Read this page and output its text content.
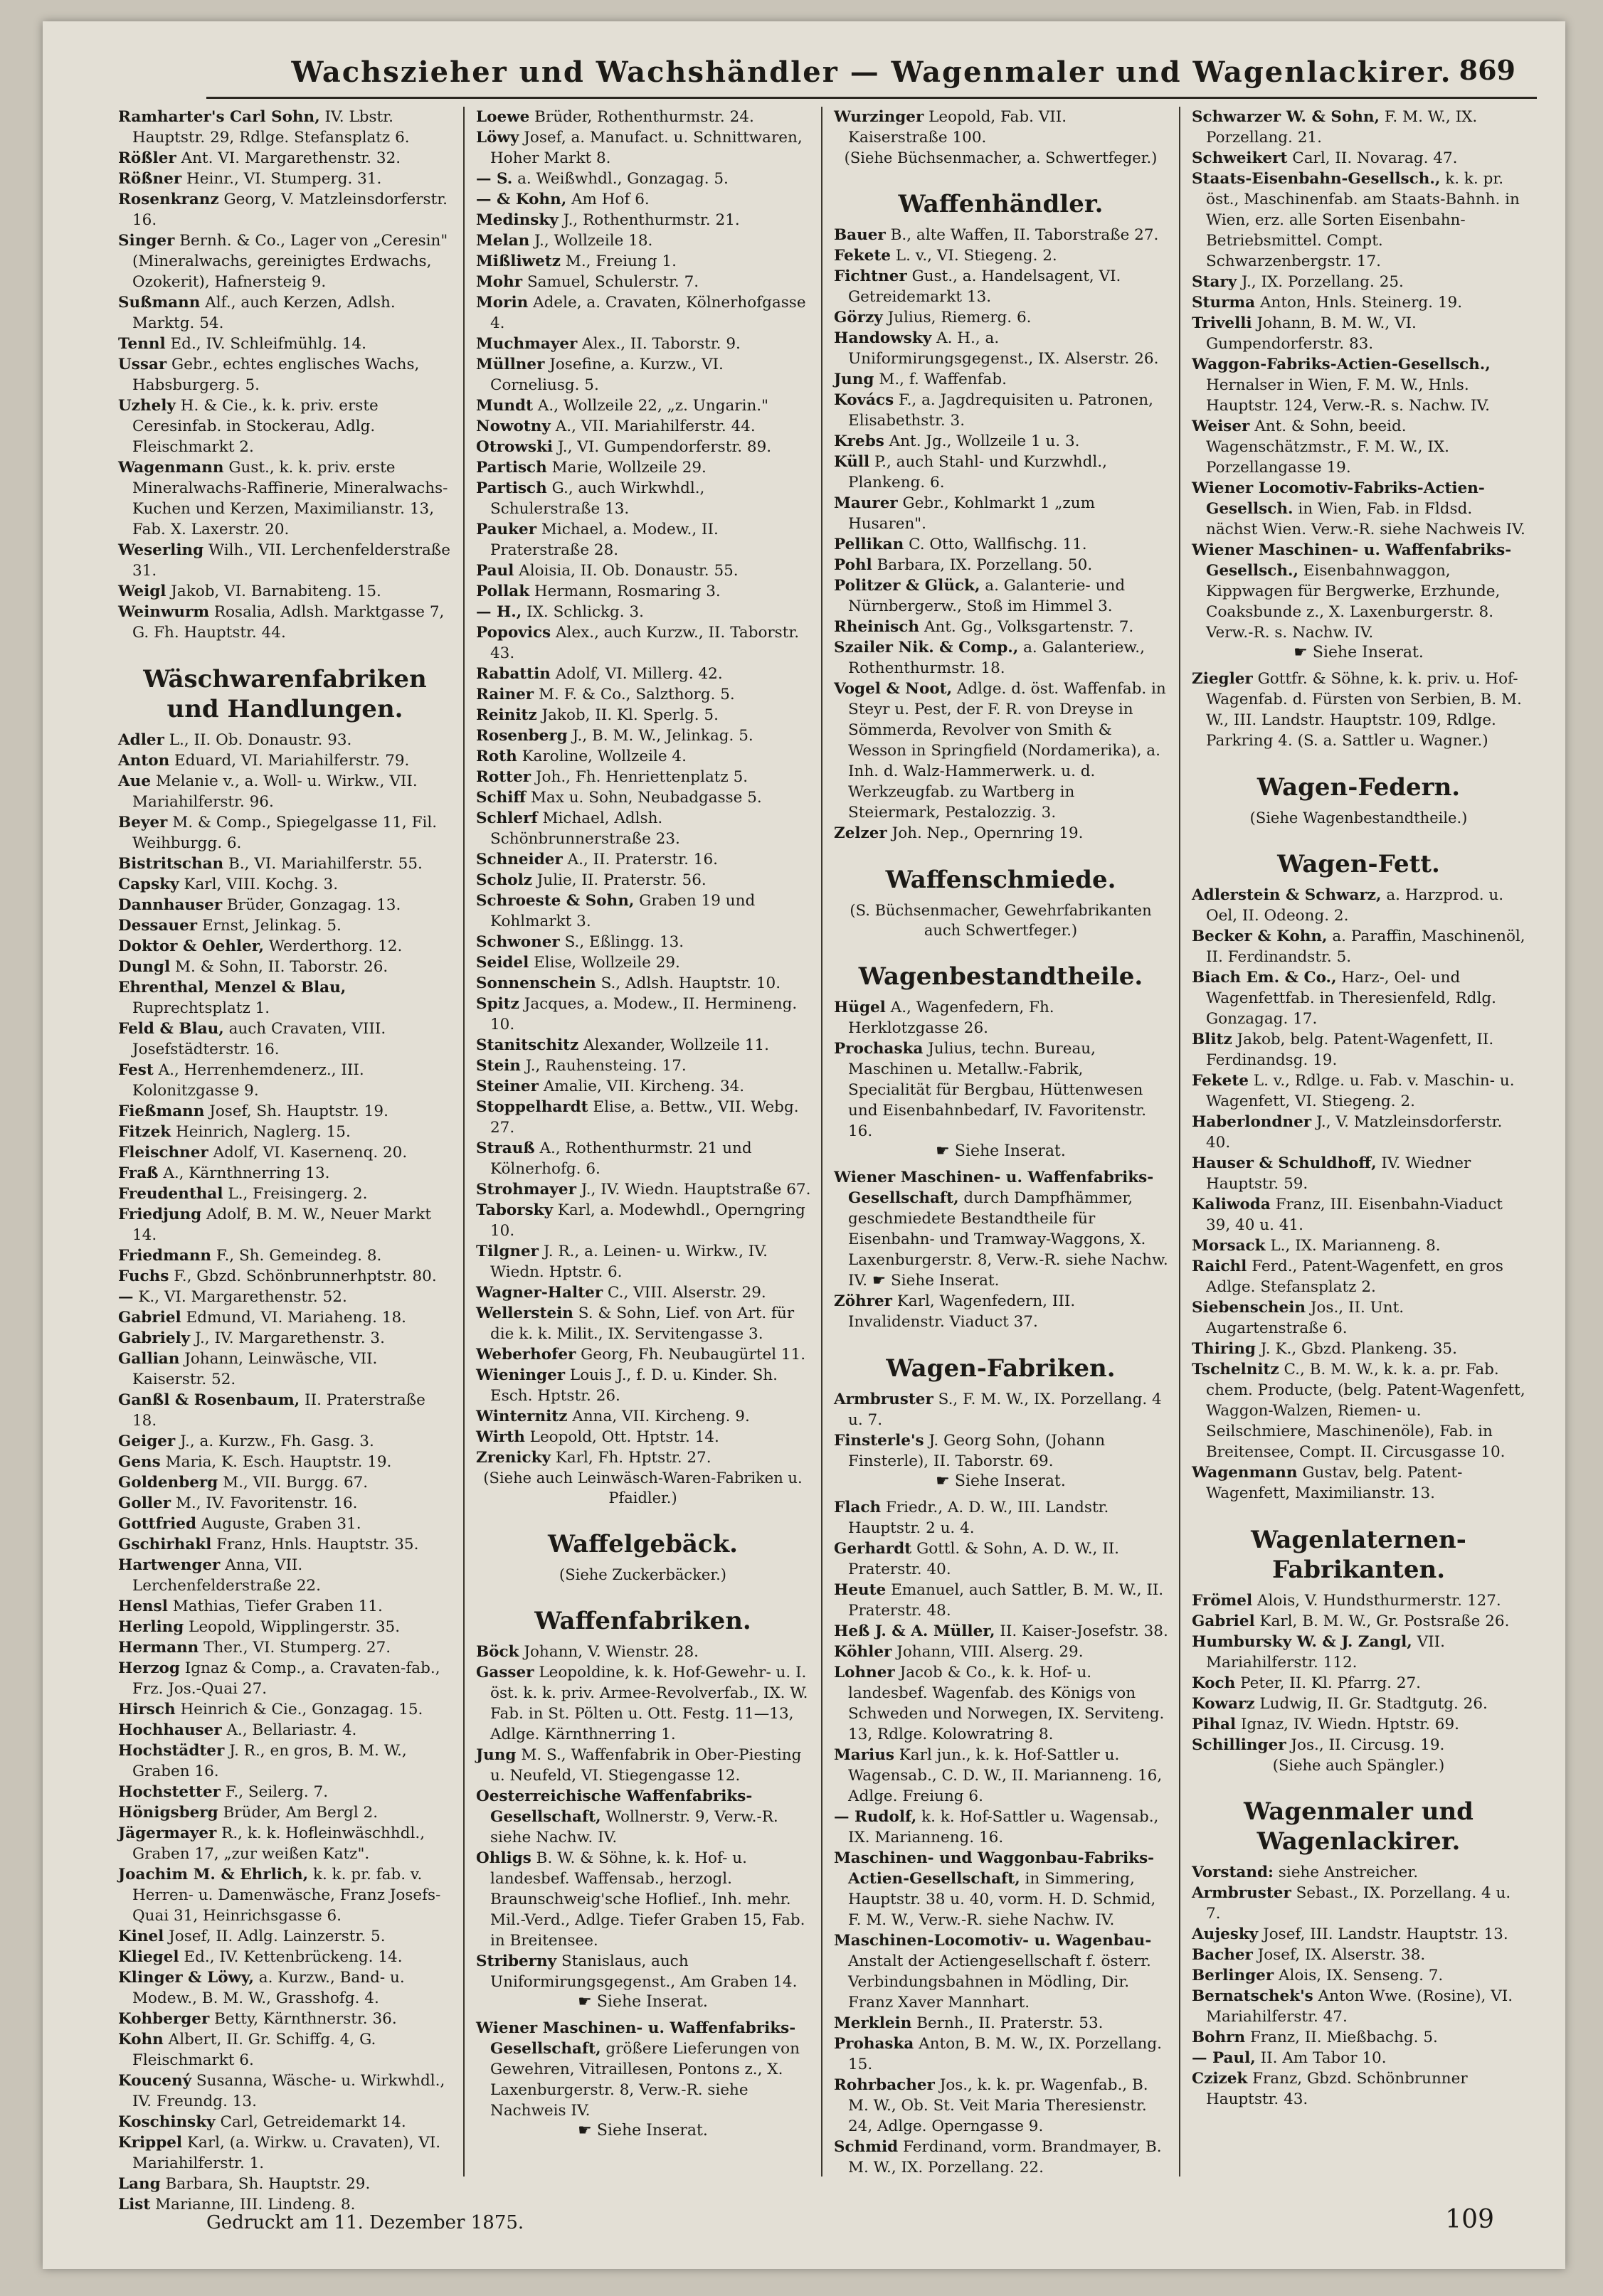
Wachszieher und Wachshändler — Wagenmaler und Wagenlackirer. 869
Ramharter's Carl Sohn, IV. Lbstr. Hauptstr. 29, Rdlge. Stefansplatz 6.
Rößler Ant. VI. Margarethenstr. 32.
Rößner Heinr., VI. Stumperg. 31.
Rosenkranz Georg, V. Matzleinsdorferstr. 16.
Singer Bernh. & Co., Lager von „Ceresin" (Mineralwachs, gereinigtes Erdwachs, Ozokerit), Hafnersteig 9.
Sußmann Alf., auch Kerzen, Adlsh. Marktg. 54.
Tennl Ed., IV. Schleifmühlg. 14.
Ussar Gebr., echtes englisches Wachs, Habsburgerg. 5.
Uzhely H. & Cie., k. k. priv. erste Ceresinfab. in Stockerau, Adlg. Fleischmarkt 2.
Wagenmann Gust., k. k. priv. erste Mineralwachs-Raffinerie, Mineralwachs-Kuchen und Kerzen, Maximilianstr. 13, Fab. X. Laxerstr. 20.
Weserling Wilh., VII. Lerchenfelderstraße 31.
Weigl Jakob, VI. Barnabiteng. 15.
Weinwurm Rosalia, Adlsh. Marktgasse 7, G. Fh. Hauptstr. 44.
Wäschwarenfabriken und Handlungen.
Adler L., II. Ob. Donaustr. 93.
Anton Eduard, VI. Mariahilferstr. 79.
Aue Melanie v., a. Woll- u. Wirkw., VII. Mariahilferstr. 96.
Beyer M. & Comp., Spiegelgasse 11, Fil. Weihburgg. 6.
Bistritschan B., VI. Mariahilferstr. 55.
Capsky Karl, VIII. Kochg. 3.
Dannhauser Brüder, Gonzagag. 13.
Dessauer Ernst, Jelinkag. 5.
Doktor & Oehler, Werderthorg. 12.
Dungl M. & Sohn, II. Taborstr. 26.
Ehrenthal, Menzel & Blau, Ruprechtsplatz 1.
Feld & Blau, auch Cravaten, VIII. Josefstädterstr. 16.
Fest A., Herrenhemdenerz., III. Kolonitzgasse 9.
Fießmann Josef, Sh. Hauptstr. 19.
Fitzek Heinrich, Naglerg. 15.
Fleischner Adolf, VI. Kasernenq. 20.
Fraß A., Kärnthnerring 13.
Freudenthal L., Freisingerg. 2.
Friedjung Adolf, B. M. W., Neuer Markt 14.
Friedmann F., Sh. Gemeindeg. 8.
Fuchs F., Gbzd. Schönbrunnerhptstr. 80.
— K., VI. Margarethenstr. 52.
Gabriel Edmund, VI. Mariaheng. 18.
Gabriely J., IV. Margarethenstr. 3.
Gallian Johann, Leinwäsche, VII. Kaiserstr. 52.
Ganßl & Rosenbaum, II. Praterstraße 18.
Geiger J., a. Kurzw., Fh. Gasg. 3.
Gens Maria, K. Esch. Hauptstr. 19.
Goldenberg M., VII. Burgg. 67.
Goller M., IV. Favoritenstr. 16.
Gottfried Auguste, Graben 31.
Gschirhakl Franz, Hnls. Hauptstr. 35.
Hartwenger Anna, VII. Lerchenfelderstraße 22.
Hensl Mathias, Tiefer Graben 11.
Herling Leopold, Wipplingerstr. 35.
Hermann Ther., VI. Stumperg. 27.
Herzog Ignaz & Comp., a. Cravaten-fab., Frz. Jos.-Quai 27.
Hirsch Heinrich & Cie., Gonzagag. 15.
Hochhauser A., Bellariastr. 4.
Hochstädter J. R., en gros, B. M. W., Graben 16.
Hochstetter F., Seilerg. 7.
Hönigsberg Brüder, Am Bergl 2.
Jägermayer R., k. k. Hofleinwäschhdl., Graben 17, „zur weißen Katz".
Joachim M. & Ehrlich, k. k. pr. fab. v. Herren- u. Damenwäsche, Franz Josefs-Quai 31, Heinrichsgasse 6.
Kinel Josef, II. Adlg. Lainzerstr. 5.
Kliegel Ed., IV. Kettenbrückeng. 14.
Klinger & Löwy, a. Kurzw., Band- u. Modew., B. M. W., Grasshofg. 4.
Kohberger Betty, Kärnthnerstr. 36.
Kohn Albert, II. Gr. Schiffg. 4, G. Fleischmarkt 6.
Koucený Susanna, Wäsche- u. Wirkwhdl., IV. Freundg. 13.
Koschinsky Carl, Getreidemarkt 14.
Krippel Karl, (a. Wirkw. u. Cravaten), VI. Mariahilferstr. 1.
Lang Barbara, Sh. Hauptstr. 29.
List Marianne, III. Lindeng. 8.
Loewe Brüder, Rothenthurmstr. 24.
Löwy Josef, a. Manufact. u. Schnittwaren, Hoher Markt 8.
— S. a. Weißwhdl., Gonzagag. 5.
— & Kohn, Am Hof 6.
Medinsky J., Rothenthurmstr. 21.
Melan J., Wollzeile 18.
Mißliwetz M., Freiung 1.
Mohr Samuel, Schulerstr. 7.
Morin Adele, a. Cravaten, Kölnerhofgasse 4.
Muchmayer Alex., II. Taborstr. 9.
Müllner Josefine, a. Kurzw., VI. Corneliusg. 5.
Mundt A., Wollzeile 22, „z. Ungarin."
Nowotny A., VII. Mariahilferstr. 44.
Otrowski J., VI. Gumpendorferstr. 89.
Partisch Marie, Wollzeile 29.
Partisch G., auch Wirkwhdl., Schulerstraße 13.
Pauker Michael, a. Modew., II. Praterstraße 28.
Paul Aloisia, II. Ob. Donaustr. 55.
Pollak Hermann, Rosmaring 3.
— H., IX. Schlickg. 3.
Popovics Alex., auch Kurzw., II. Taborstr. 43.
Rabattin Adolf, VI. Millerg. 42.
Rainer M. F. & Co., Salzthorg. 5.
Reinitz Jakob, II. Kl. Sperlg. 5.
Rosenberg J., B. M. W., Jelinkag. 5.
Roth Karoline, Wollzeile 4.
Rotter Joh., Fh. Henriettenplatz 5.
Schiff Max u. Sohn, Neubadgasse 5.
Schlerf Michael, Adlsh. Schönbrunnerstraße 23.
Schneider A., II. Praterstr. 16.
Scholz Julie, II. Praterstr. 56.
Schroeste & Sohn, Graben 19 und Kohlmarkt 3.
Schwoner S., Eßlingg. 13.
Seidel Elise, Wollzeile 29.
Sonnenschein S., Adlsh. Hauptstr. 10.
Spitz Jacques, a. Modew., II. Hermineng. 10.
Stanitschitz Alexander, Wollzeile 11.
Stein J., Rauhensteing. 17.
Steiner Amalie, VII. Kircheng. 34.
Stoppelhardt Elise, a. Bettw., VII. Webg. 27.
Strauß A., Rothenthurmstr. 21 und Kölnerhofg. 6.
Strohmayer J., IV. Wiedn. Hauptstraße 67.
Taborsky Karl, a. Modewhdl., Operngring 10.
Tilgner J. R., a. Leinen- u. Wirkw., IV. Wiedn. Hptstr. 6.
Wagner-Halter C., VIII. Alserstr. 29.
Wellerstein S. & Sohn, Lief. von Art. für die k. k. Milit., IX. Servitengasse 3.
Weberhofer Georg, Fh. Neubaugürtel 11.
Wieninger Louis J., f. D. u. Kinder. Sh. Esch. Hptstr. 26.
Winternitz Anna, VII. Kircheng. 9.
Wirth Leopold, Ott. Hptstr. 14.
Zrenicky Karl, Fh. Hptstr. 27.
(Siehe auch Leinwäsch-Waren-Fabriken u. Pfaidler.)
Waffelgebäck.
(Siehe Zuckerbäcker.)
Waffenfabriken.
Böck Johann, V. Wienstr. 28.
Gasser Leopoldine, k. k. Hof-Gewehr- u. I. öst. k. k. priv. Armee-Revolverfab., IX. W. Fab. in St. Pölten u. Ott. Festg. 11—13, Adlge. Kärnthnerring 1.
Jung M. S., Waffenfabrik in Ober-Piesting u. Neufeld, VI. Stiegengasse 12.
Oesterreichische Waffenfabriks-Gesellschaft, Wollnerstr. 9, Verw.-R. siehe Nachw. IV.
Ohligs B. W. & Söhne, k. k. Hof- u. landesbef. Waffensab., herzogl. Braunschweig'sche Hoflief., Inh. mehr. Mil.-Verd., Adlge. Tiefer Graben 15, Fab. in Breitensee.
Striberny Stanislaus, auch Uniformirungsgegenst., Am Graben 14.
☛ Siehe Inserat.
Wiener Maschinen- u. Waffenfabriks-Gesellschaft, größere Lieferungen von Gewehren, Vitraillesen, Pontons z., X. Laxenburgerstr. 8, Verw.-R. siehe Nachweis IV.
☛ Siehe Inserat.
Wurzinger Leopold, Fab. VII. Kaiserstraße 100.
(Siehe Büchsenmacher, a. Schwertfeger.)
Waffenhändler.
Bauer B., alte Waffen, II. Taborstraße 27.
Fekete L. v., VI. Stiegeng. 2.
Fichtner Gust., a. Handelsagent, VI. Getreidemarkt 13.
Görzy Julius, Riemerg. 6.
Handowsky A. H., a. Uniformirungsgegenst., IX. Alserstr. 26.
Jung M., f. Waffenfab.
Kovács F., a. Jagdrequisiten u. Patronen, Elisabethstr. 3.
Krebs Ant. Jg., Wollzeile 1 u. 3.
Küll P., auch Stahl- und Kurzwhdl., Plankeng. 6.
Maurer Gebr., Kohlmarkt 1 „zum Husaren".
Pellikan C. Otto, Wallfischg. 11.
Pohl Barbara, IX. Porzellang. 50.
Politzer & Glück, a. Galanterie- und Nürnbergerw., Stoß im Himmel 3.
Rheinisch Ant. Gg., Volksgartenstr. 7.
Szailer Nik. & Comp., a. Galanteriew., Rothenthurmstr. 18.
Vogel & Noot, Adlge. d. öst. Waffenfab. in Steyr u. Pest, der F. R. von Dreyse in Sömmerda, Revolver von Smith & Wesson in Springfield (Nordamerika), a. Inh. d. Walz-Hammerwerk. u. d. Werkzeugfab. zu Wartberg in Steiermark, Pestalozzig. 3.
Zelzer Joh. Nep., Opernring 19.
Waffenschmiede.
(S. Büchsenmacher, Gewehrfabrikanten auch Schwertfeger.)
Wagenbestandtheile.
Hügel A., Wagenfedern, Fh. Herklotzgasse 26.
Prochaska Julius, techn. Bureau, Maschinen u. Metallw.-Fabrik, Specialität für Bergbau, Hüttenwesen und Eisenbahnbedarf, IV. Favoritenstr. 16.
☛ Siehe Inserat.
Wiener Maschinen- u. Waffenfabriks-Gesellschaft, durch Dampfhämmer, geschmiedete Bestandtheile für Eisenbahn- und Tramway-Waggons, X. Laxenburgerstr. 8, Verw.-R. siehe Nachw. IV. ☛ Siehe Inserat.
Zöhrer Karl, Wagenfedern, III. Invalidenstr. Viaduct 37.
Wagen-Fabriken.
Armbruster S., F. M. W., IX. Porzellang. 4 u. 7.
Finsterle's J. Georg Sohn, (Johann Finsterle), II. Taborstr. 69.
☛ Siehe Inserat.
Flach Friedr., A. D. W., III. Landstr. Hauptstr. 2 u. 4.
Gerhardt Gottl. & Sohn, A. D. W., II. Praterstr. 40.
Heute Emanuel, auch Sattler, B. M. W., II. Praterstr. 48.
Heß J. & A. Müller, II. Kaiser-Josefstr. 38.
Köhler Johann, VIII. Alserg. 29.
Lohner Jacob & Co., k. k. Hof- u. landesbef. Wagenfab. des Königs von Schweden und Norwegen, IX. Serviteng. 13, Rdlge. Kolowratring 8.
Marius Karl jun., k. k. Hof-Sattler u. Wagensab., C. D. W., II. Marianneng. 16, Adlge. Freiung 6.
— Rudolf, k. k. Hof-Sattler u. Wagensab., IX. Marianneng. 16.
Maschinen- und Waggonbau-Fabriks-Actien-Gesellschaft, in Simmering, Hauptstr. 38 u. 40, vorm. H. D. Schmid, F. M. W., Verw.-R. siehe Nachw. IV.
Maschinen-Locomotiv- u. Wagenbau- Anstalt der Actiengesellschaft f. österr. Verbindungsbahnen in Mödling, Dir. Franz Xaver Mannhart.
Merklein Bernh., II. Praterstr. 53.
Prohaska Anton, B. M. W., IX. Porzellang. 15.
Rohrbacher Jos., k. k. pr. Wagenfab., B. M. W., Ob. St. Veit Maria Theresienstr. 24, Adlge. Operngasse 9.
Schmid Ferdinand, vorm. Brandmayer, B. M. W., IX. Porzellang. 22.
Schwarzer W. & Sohn, F. M. W., IX. Porzellang. 21.
Schweikert Carl, II. Novarag. 47.
Staats-Eisenbahn-Gesellsch., k. k. pr. öst., Maschinenfab. am Staats-Bahnh. in Wien, erz. alle Sorten Eisenbahn-Betriebsmittel. Compt. Schwarzenbergstr. 17.
Stary J., IX. Porzellang. 25.
Sturma Anton, Hnls. Steinerg. 19.
Trivelli Johann, B. M. W., VI. Gumpendorferstr. 83.
Waggon-Fabriks-Actien-Gesellsch., Hernalser in Wien, F. M. W., Hnls. Hauptstr. 124, Verw.-R. s. Nachw. IV.
Weiser Ant. & Sohn, beeid. Wagenschätzmstr., F. M. W., IX. Porzellangasse 19.
Wiener Locomotiv-Fabriks-Actien-Gesellsch. in Wien, Fab. in Fldsd. nächst Wien. Verw.-R. siehe Nachweis IV.
Wiener Maschinen- u. Waffenfabriks-Gesellsch., Eisenbahnwaggon, Kippwagen für Bergwerke, Erzhunde, Coaksbunde z., X. Laxenburgerstr. 8. Verw.-R. s. Nachw. IV.
☛ Siehe Inserat.
Ziegler Gottfr. & Söhne, k. k. priv. u. Hof-Wagenfab. d. Fürsten von Serbien, B. M. W., III. Landstr. Hauptstr. 109, Rdlge. Parkring 4. (S. a. Sattler u. Wagner.)
Wagen-Federn.
(Siehe Wagenbestandtheile.)
Wagen-Fett.
Adlerstein & Schwarz, a. Harzprod. u. Oel, II. Odeong. 2.
Becker & Kohn, a. Paraffin, Maschinenöl, II. Ferdinandstr. 5.
Biach Em. & Co., Harz-, Oel- und Wagenfettfab. in Theresienfeld, Rdlg. Gonzagag. 17.
Blitz Jakob, belg. Patent-Wagenfett, II. Ferdinandsg. 19.
Fekete L. v., Rdlge. u. Fab. v. Maschin- u. Wagenfett, VI. Stiegeng. 2.
Haberlondner J., V. Matzleinsdorferstr. 40.
Hauser & Schuldhoff, IV. Wiedner Hauptstr. 59.
Kaliwoda Franz, III. Eisenbahn-Viaduct 39, 40 u. 41.
Morsack L., IX. Marianneng. 8.
Raichl Ferd., Patent-Wagenfett, en gros Adlge. Stefansplatz 2.
Siebenschein Jos., II. Unt. Augartenstraße 6.
Thiring J. K., Gbzd. Plankeng. 35.
Tschelnitz C., B. M. W., k. k. a. pr. Fab. chem. Producte, (belg. Patent-Wagenfett, Waggon-Walzen, Riemen- u. Seilschmiere, Maschinenöle), Fab. in Breitensee, Compt. II. Circusgasse 10.
Wagenmann Gustav, belg. Patent-Wagenfett, Maximilianstr. 13.
Wagenlaternen-Fabrikanten.
Frömel Alois, V. Hundsthurmerstr. 127.
Gabriel Karl, B. M. W., Gr. Postsraße 26.
Humbursky W. & J. Zangl, VII. Mariahilferstr. 112.
Koch Peter, II. Kl. Pfarrg. 27.
Kowarz Ludwig, II. Gr. Stadtgutg. 26.
Pihal Ignaz, IV. Wiedn. Hptstr. 69.
Schillinger Jos., II. Circusg. 19.
(Siehe auch Spängler.)
Wagenmaler und Wagenlackirer.
Vorstand: siehe Anstreicher.
Armbruster Sebast., IX. Porzellang. 4 u. 7.
Aujesky Josef, III. Landstr. Hauptstr. 13.
Bacher Josef, IX. Alserstr. 38.
Berlinger Alois, IX. Senseng. 7.
Bernatschek's Anton Wwe. (Rosine), VI. Mariahilferstr. 47.
Bohrn Franz, II. Mießbachg. 5.
— Paul, II. Am Tabor 10.
Czizek Franz, Gbzd. Schönbrunner Hauptstr. 43.
Gedruckt am 11. Dezember 1875.	109
